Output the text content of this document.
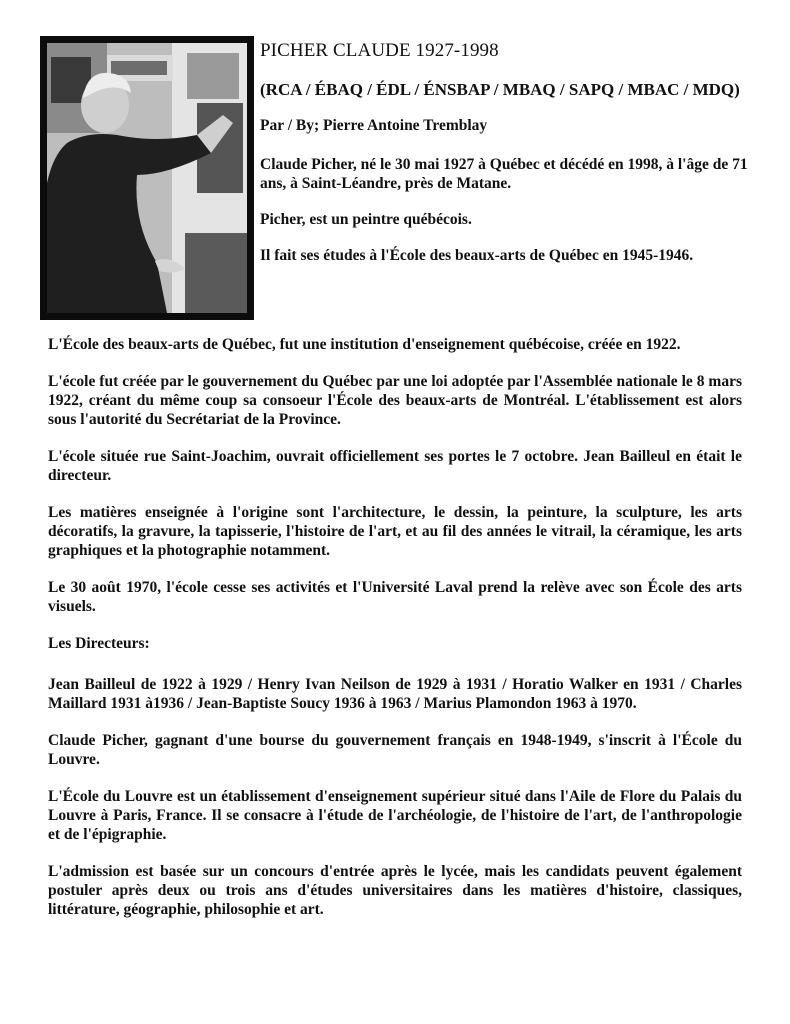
PICHER CLAUDE 1927-1998
(RCA / ÉBAQ / ÉDL / ÉNSBAP / MBAQ / SAPQ / MBAC / MDQ)
Par / By; Pierre Antoine Tremblay
Claude Picher, né le 30 mai 1927 à Québec et décédé en 1998, à l'âge de 71 ans, à Saint-Léandre, près de Matane.
Picher, est un peintre québécois.
Il fait ses études à l'École des beaux-arts de Québec en 1945-1946.
L'École des beaux-arts de Québec, fut une institution d'enseignement québécoise, créée en 1922.
L'école fut créée par le gouvernement du Québec par une loi adoptée par l'Assemblée nationale le 8 mars 1922, créant du même coup sa consoeur l'École des beaux-arts de Montréal. L'établissement est alors sous l'autorité du Secrétariat de la Province.
L'école située rue Saint-Joachim, ouvrait officiellement ses portes le 7 octobre. Jean Bailleul en était le directeur.
Les matières enseignée à l'origine sont l'architecture, le dessin, la peinture, la sculpture, les arts décoratifs, la gravure, la tapisserie, l'histoire de l'art, et au fil des années le vitrail, la céramique, les arts graphiques et la photographie notamment.
Le 30 août 1970, l'école cesse ses activités et l'Université Laval prend la relève avec son École des arts visuels.
Les Directeurs:
Jean Bailleul de 1922 à 1929 / Henry Ivan Neilson de 1929 à 1931 / Horatio Walker en 1931 / Charles Maillard 1931 à1936 / Jean-Baptiste Soucy 1936 à 1963 / Marius Plamondon 1963 à 1970.
Claude Picher, gagnant d'une bourse du gouvernement français en 1948-1949, s'inscrit à l'École du Louvre.
L'École du Louvre est un établissement d'enseignement supérieur situé dans l'Aile de Flore du Palais du Louvre à Paris, France. Il se consacre à l'étude de l'archéologie, de l'histoire de l'art, de l'anthropologie et de l'épigraphie.
L'admission est basée sur un concours d'entrée après le lycée, mais les candidats peuvent également postuler après deux ou trois ans d'études universitaires dans les matières d'histoire, classiques, littérature, géographie, philosophie et art.
